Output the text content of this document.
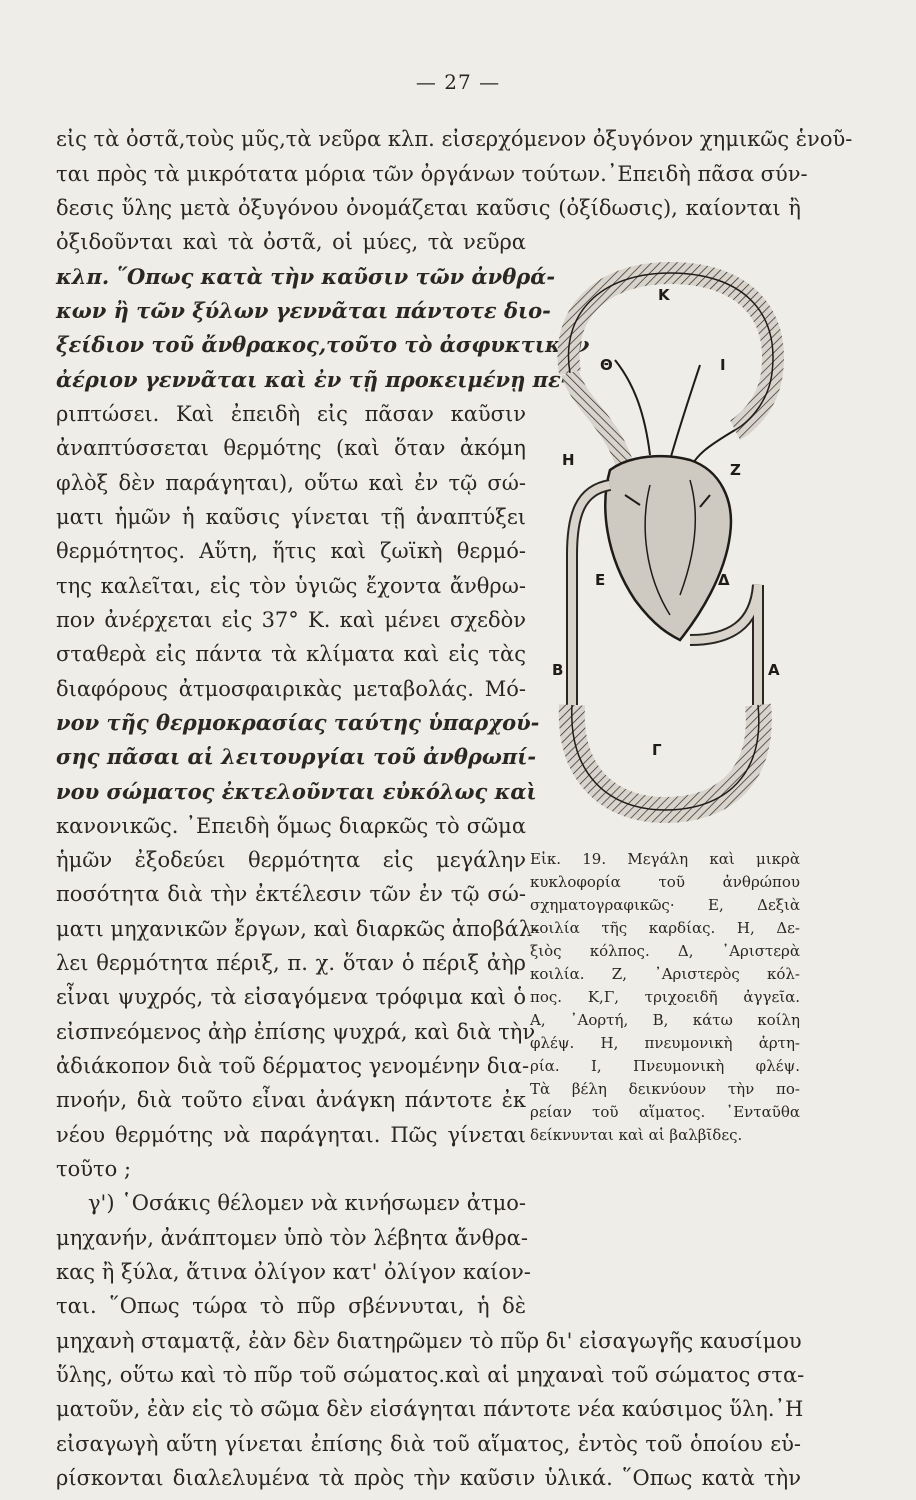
— 27 —
εἰς τὰ ὀστᾶ,τοὺς μῦς,τὰ νεῦρα κλπ. εἰσερχόμενον ὀξυγόνον χημικῶς ἑνοῦ-
ται πρὸς τὰ μικρότατα μόρια τῶν ὀργάνων τούτων.᾿Επειδὴ πᾶσα σύν-
δεσις ὕλης μετὰ ὀξυγόνου ὀνομάζεται καῦσις (ὀξίδωσις), καίονται ἢ
ὀξιδοῦνται καὶ τὰ ὀστᾶ, οἱ μύες, τὰ νεῦρα
κλπ. ῞Οπως κατὰ τὴν καῦσιν τῶν ἀνθρά-
κων ἢ τῶν ξύλων γεννᾶται πάντοτε διο-
ξείδιον τοῦ ἄνθρακος,τοῦτο τὸ ἀσφυκτικὸν
ἀέριον γεννᾶται καὶ ἐν τῇ προκειμένῃ πε-
ριπτώσει. Καὶ ἐπειδὴ εἰς πᾶσαν καῦσιν
ἀναπτύσσεται θερμότης (καὶ ὅταν ἀκόμη
φλὸξ δὲν παράγηται), οὕτω καὶ ἐν τῷ σώ-
ματι ἡμῶν ἡ καῦσις γίνεται τῇ ἀναπτύξει
θερμότητος. Αὕτη, ἥτις καὶ ζωϊκὴ θερμό-
της καλεῖται, εἰς τὸν ὑγιῶς ἔχοντα ἄνθρω-
πον ἀνέρχεται εἰς 37° Κ. καὶ μένει σχεδὸν
σταθερὰ εἰς πάντα τὰ κλίματα καὶ εἰς τὰς
διαφόρους ἀτμοσφαιρικὰς μεταβολάς. Μό-
νον τῆς θερμοκρασίας ταύτης ὑπαρχού-
σης πᾶσαι αἱ λειτουργίαι τοῦ ἀνθρωπί-
νου σώματος ἐκτελοῦνται εὐκόλως καὶ
κανονικῶς. ᾿Επειδὴ ὅμως διαρκῶς τὸ σῶμα
ἡμῶν ἐξοδεύει θερμότητα εἰς μεγάλην
ποσότητα διὰ τὴν ἐκτέλεσιν τῶν ἐν τῷ σώ-
ματι μηχανικῶν ἔργων, καὶ διαρκῶς ἀποβάλ-
λει θερμότητα πέριξ, π. χ. ὅταν ὁ πέριξ ἀὴρ
εἶναι ψυχρός, τὰ εἰσαγόμενα τρόφιμα καὶ ὁ
εἰσπνεόμενος ἀὴρ ἐπίσης ψυχρά, καὶ διὰ τὴν
ἀδιάκοπον διὰ τοῦ δέρματος γενομένην δια-
πνοήν, διὰ τοῦτο εἶναι ἀνάγκη πάντοτε ἐκ
νέου θερμότης νὰ παράγηται. Πῶς γίνεται
τοῦτο ;
γ') ῾Οσάκις θέλομεν νὰ κινήσωμεν ἀτμο-
μηχανήν, ἀνάπτομεν ὑπὸ τὸν λέβητα ἄνθρα-
κας ἢ ξύλα, ἅτινα ὀλίγον κατ' ὀλίγον καίον-
ται. ῞Οπως τώρα τὸ πῦρ σβέννυται, ἡ δὲ
μηχανὴ σταματᾷ, ἐὰν δὲν διατηρῶμεν τὸ πῦρ δι' εἰσαγωγῆς καυσίμου
ὕλης, οὕτω καὶ τὸ πῦρ τοῦ σώματος.καὶ αἱ μηχαναὶ τοῦ σώματος στα-
ματοῦν, ἐὰν εἰς τὸ σῶμα δὲν εἰσάγηται πάντοτε νέα καύσιμος ὕλη.᾿Η
εἰσαγωγὴ αὕτη γίνεται ἐπίσης διὰ τοῦ αἵματος, ἐντὸς τοῦ ὁποίου εὑ-
ρίσκονται διαλελυμένα τὰ πρὸς τὴν καῦσιν ὑλικά. ῞Οπως κατὰ τὴν
Θ	Ι
Η
Ζ
Ε	Δ
Β	Α
Γ
Κ
Εἰκ. 19. Μεγάλη καὶ μικρὰ
κυκλοφορία τοῦ ἀνθρώπου
σχηματογραφικῶς· Ε, Δεξιὰ
κοιλία τῆς καρδίας. Η, Δε-
ξιὸς κόλπος. Δ, ᾿Αριστερὰ
κοιλία. Ζ, ᾿Αριστερὸς κόλ-
πος. Κ,Γ, τριχοειδῆ ἀγγεῖα.
Α, ᾿Αορτή, Β, κάτω κοίλη
φλέψ. Η, πνευμονικὴ ἀρτη-
ρία. Ι, Πνευμονικὴ φλέψ.
Τὰ βέλη δεικνύουν τὴν πο-
ρείαν τοῦ αἵματος. ᾿Ενταῦθα
δείκνυνται καὶ αἱ βαλβῖδες.
